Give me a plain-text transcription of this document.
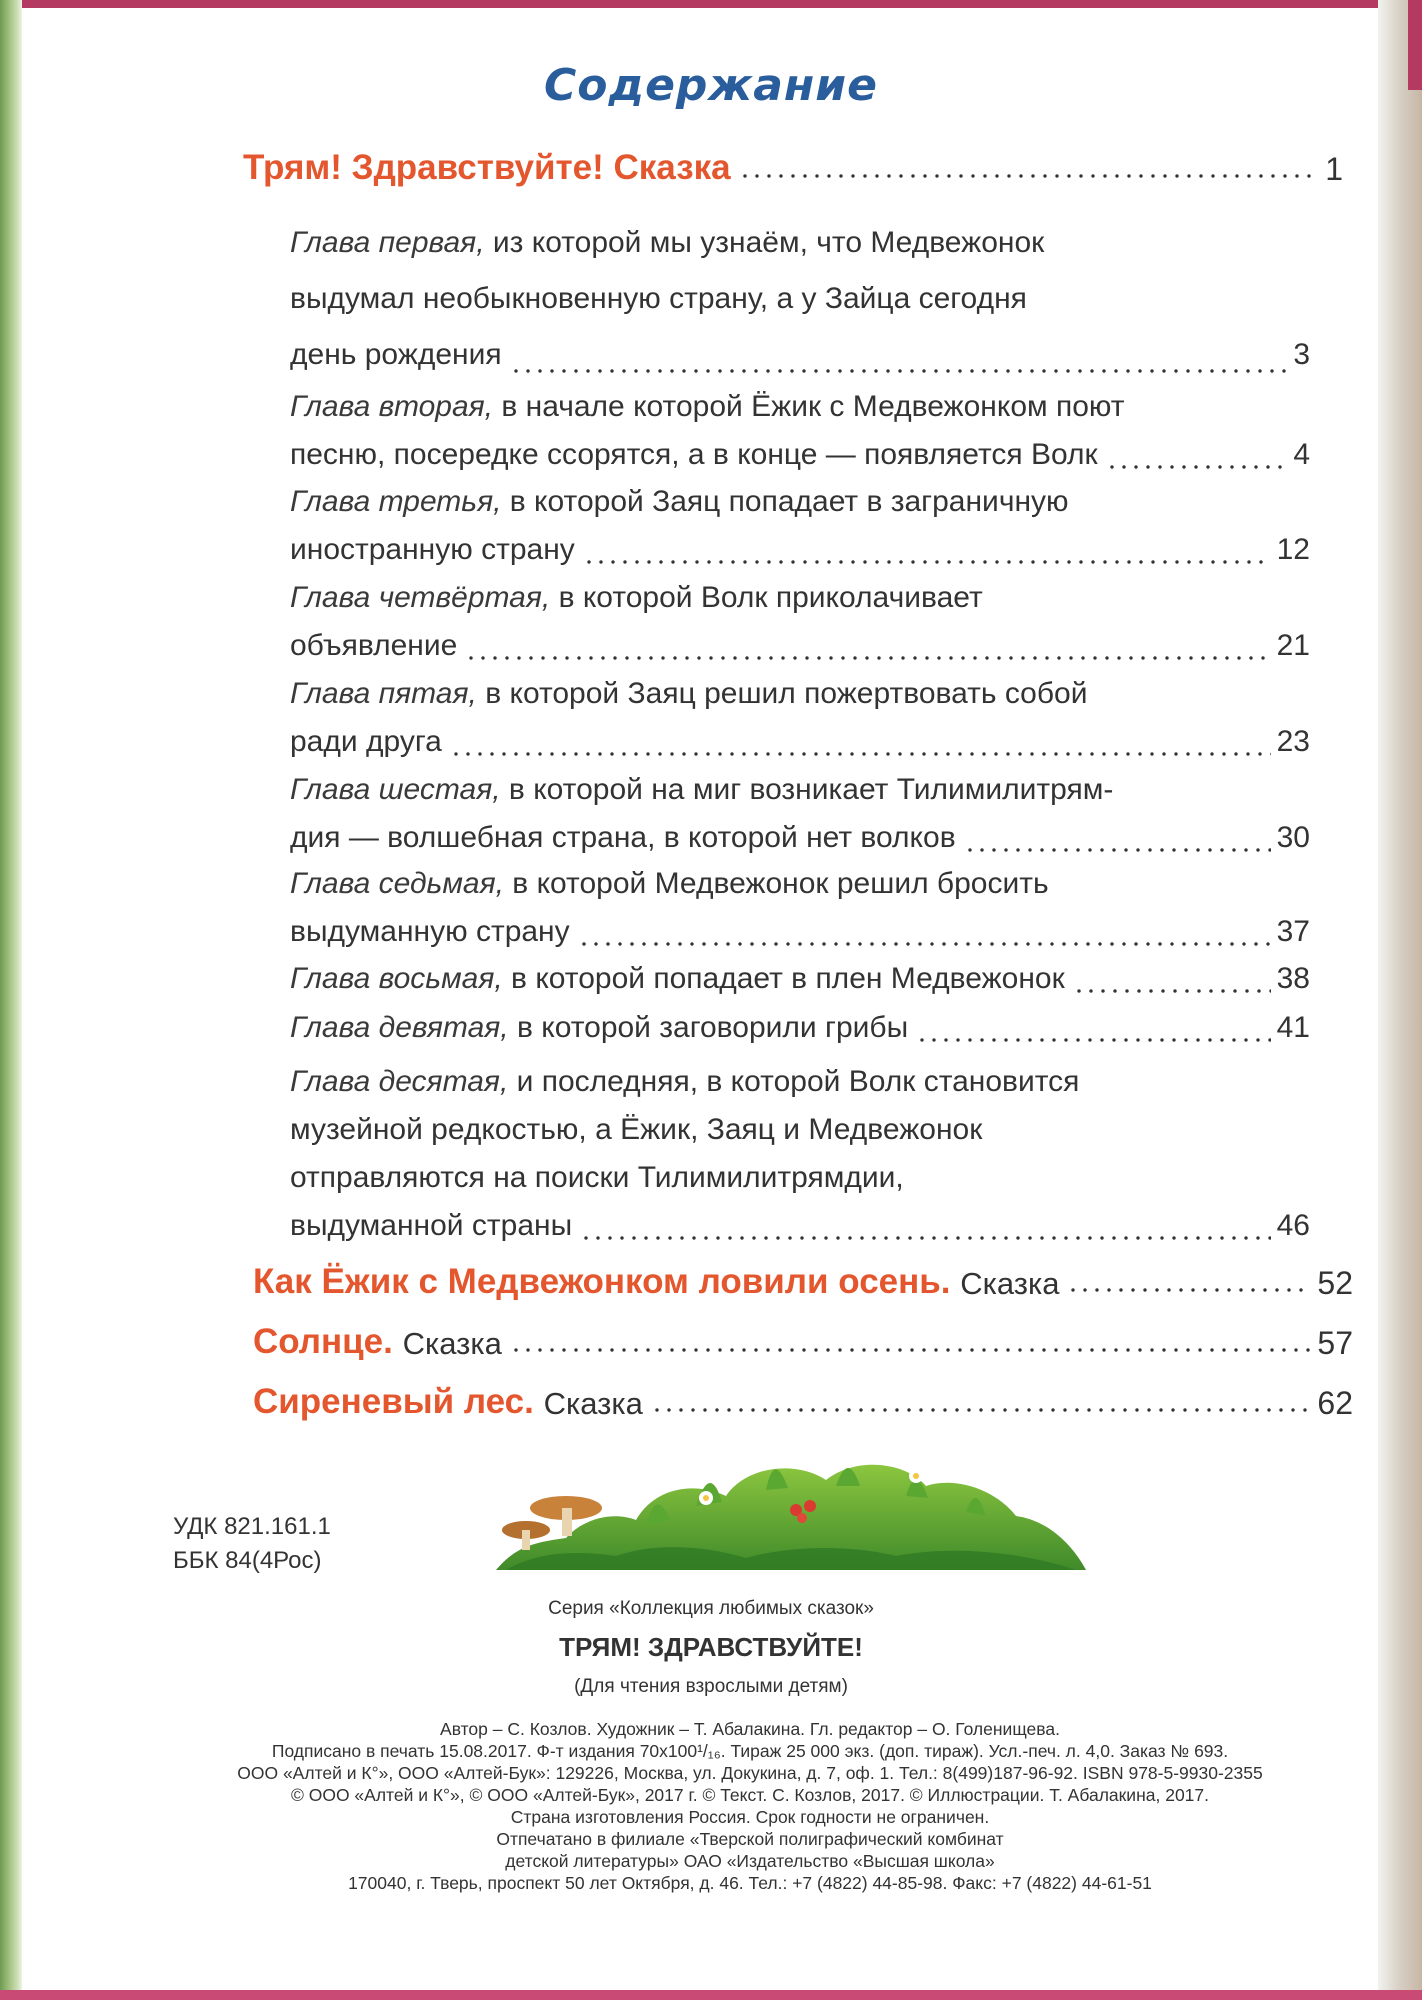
Содержание
Трям! Здравствуйте! Сказка	1
Глава первая, из которой мы узнаём, что Медвежонок
выдумал необыкновенную страну, а у Зайца сегодня
день рождения	3
Глава вторая, в начале которой Ёжик с Медвежонком поют
песню, посередке ссорятся, а в конце — появляется Волк	4
Глава третья, в которой Заяц попадает в заграничную
иностранную страну	12
Глава четвёртая, в которой Волк приколачивает
объявление	21
Глава пятая, в которой Заяц решил пожертвовать собой
ради друга	23
Глава шестая, в которой на миг возникает Тилимилитрям-
дия — волшебная страна, в которой нет волков	30
Глава седьмая, в которой Медвежонок решил бросить
выдуманную страну	37
Глава восьмая,
в которой попадает в плен Медвежонок	38
Глава девятая,
в которой заговорили грибы	41
Глава десятая, и последняя, в которой Волк становится
музейной редкостью, а Ёжик, Заяц и Медвежонок
отправляются на поиски Тилимилитрямдии,
выдуманной страны	46
Как Ёжик с Медвежонком ловили осень.
Сказка	52
Солнце.
Сказка	57
Сиреневый лес.
Сказка	62
УДК 821.161.1
ББК 84(4Рос)
Серия «Коллекция любимых сказок»
ТРЯМ! ЗДРАВСТВУЙТЕ!
(Для чтения взрослыми детям)
Автор – С. Козлов. Художник – Т. Абалакина. Гл. редактор – О. Голенищева.
Подписано в печать 15.08.2017. Ф-т издания 70х100¹/₁₆. Тираж 25 000 экз. (доп. тираж). Усл.-печ. л. 4,0. Заказ № 693.
ООО «Алтей и К°», ООО «Алтей-Бук»: 129226, Москва, ул. Докукина, д. 7, оф. 1. Тел.: 8(499)187-96-92. ISBN 978-5-9930-2355
© ООО «Алтей и К°», © ООО «Алтей-Бук», 2017 г. © Текст. С. Козлов, 2017. © Иллюстрации. Т. Абалакина, 2017.
Страна изготовления Россия. Срок годности не ограничен.
Отпечатано в филиале «Тверской полиграфический комбинат
детской литературы» ОАО «Издательство «Высшая школа»
170040, г. Тверь, проспект 50 лет Октября, д. 46. Тел.: +7 (4822) 44-85-98. Факс: +7 (4822) 44-61-51
